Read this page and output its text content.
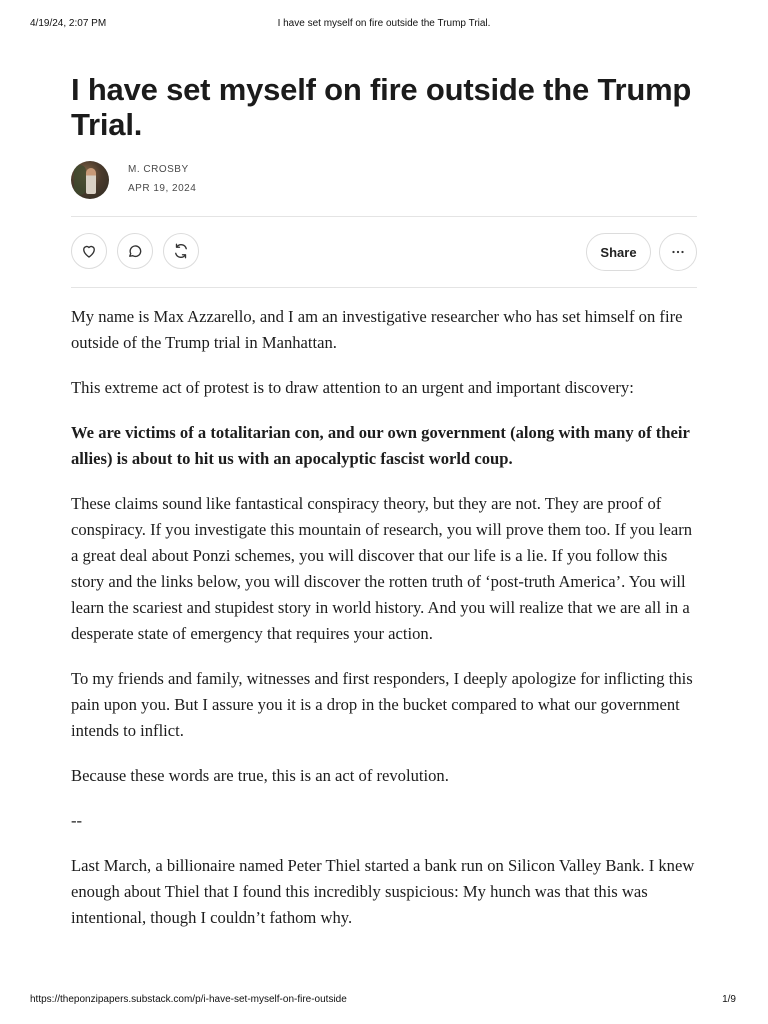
4/19/24, 2:07 PM	I have set myself on fire outside the Trump Trial.
I have set myself on fire outside the Trump Trial.
M. CROSBY
APR 19, 2024
Share

My name is Max Azzarello, and I am an investigative researcher who has set himself on fire outside of the Trump trial in Manhattan.

This extreme act of protest is to draw attention to an urgent and important discovery:

We are victims of a totalitarian con, and our own government (along with many of their allies) is about to hit us with an apocalyptic fascist world coup.

These claims sound like fantastical conspiracy theory, but they are not. They are proof of conspiracy. If you investigate this mountain of research, you will prove them too. If you learn a great deal about Ponzi schemes, you will discover that our life is a lie. If you follow this story and the links below, you will discover the rotten truth of ‘post-truth America’. You will learn the scariest and stupidest story in world history. And you will realize that we are all in a desperate state of emergency that requires your action.

To my friends and family, witnesses and first responders, I deeply apologize for inflicting this pain upon you. But I assure you it is a drop in the bucket compared to what our government intends to inflict.

Because these words are true, this is an act of revolution.

--

Last March, a billionaire named Peter Thiel started a bank run on Silicon Valley Bank. I knew enough about Thiel that I found this incredibly suspicious: My hunch was that this was intentional, though I couldn’t fathom why.

https://theponzipapers.substack.com/p/i-have-set-myself-on-fire-outside	1/9
